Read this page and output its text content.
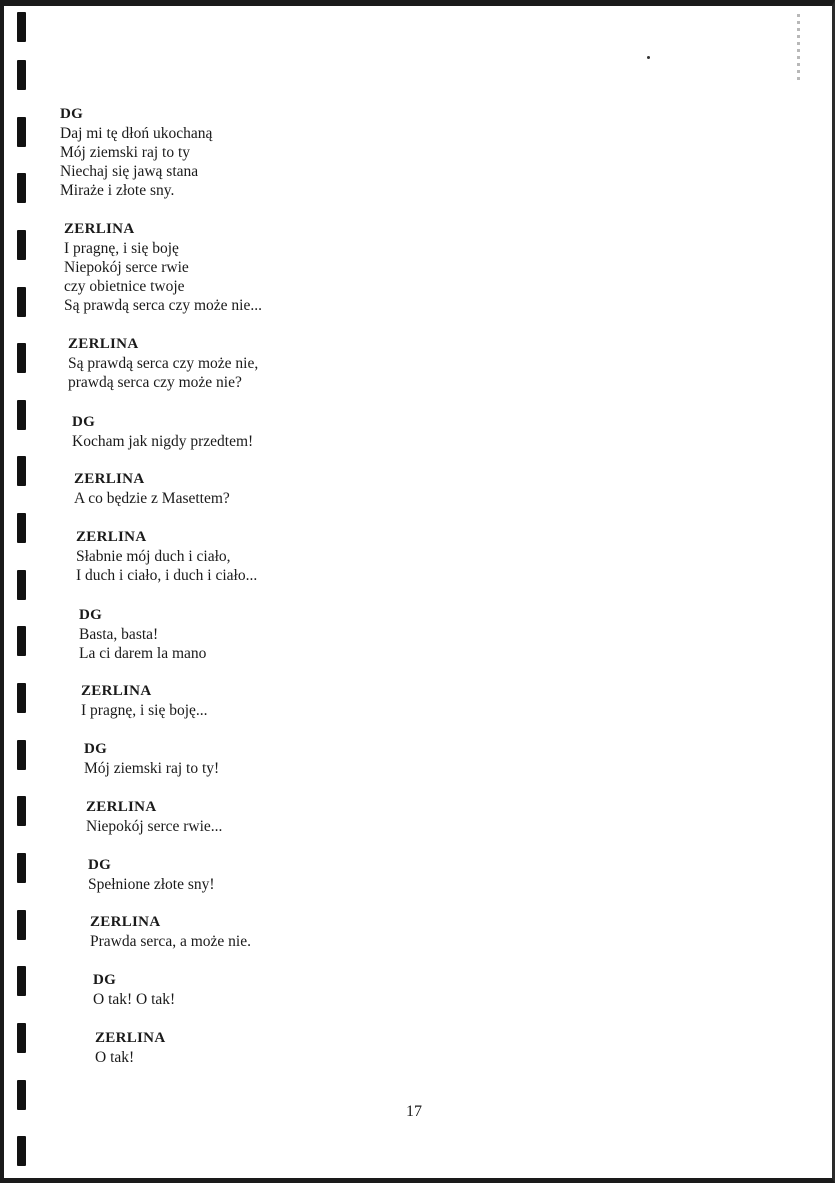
DG
Daj mi tę dłoń ukochaną
Mój ziemski raj to ty
Niechaj się jawą stana
Miraże i złote sny.
ZERLINA
I pragnę, i się boję
Niepokój serce rwie
czy obietnice twoje
Są prawdą serca czy może nie...
ZERLINA
Są prawdą serca czy może nie,
prawdą serca czy może nie?
DG
Kocham jak nigdy przedtem!
ZERLINA
A co będzie z Masettem?
ZERLINA
Słabnie mój duch i ciało,
I duch i ciało, i duch i ciało...
DG
Basta, basta!
La ci darem la mano
ZERLINA
I pragnę, i się boję...
DG
Mój ziemski raj to ty!
ZERLINA
Niepokój serce rwie...
DG
Spełnione złote sny!
ZERLINA
Prawda serca, a może nie.
DG
O tak! O tak!
ZERLINA
O tak!
17
